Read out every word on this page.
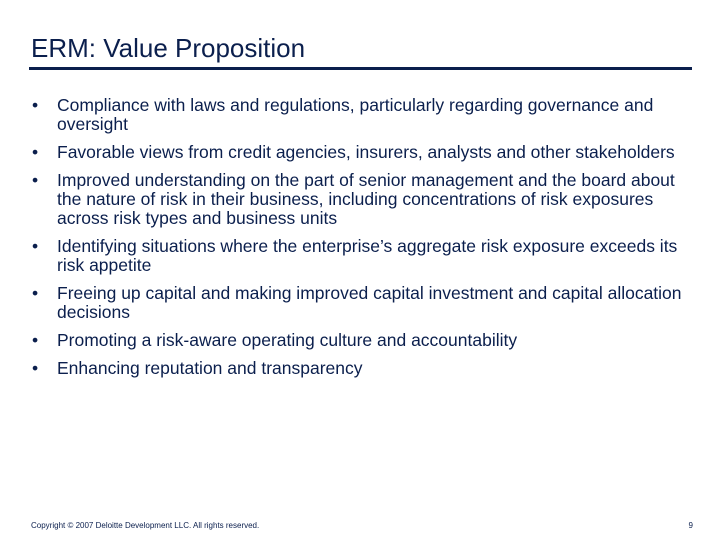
ERM: Value Proposition
• Compliance with laws and regulations, particularly regarding governance and oversight
• Favorable views from credit agencies, insurers, analysts and other stakeholders
• Improved understanding on the part of senior management and the board about the nature of risk in their business, including concentrations of risk exposures across risk types and business units
• Identifying situations where the enterprise’s aggregate risk exposure exceeds its risk appetite
• Freeing up capital and making improved capital investment and capital allocation decisions
• Promoting a risk-aware operating culture and accountability
• Enhancing reputation and transparency
Copyright © 2007 Deloitte Development LLC. All rights reserved.	9
